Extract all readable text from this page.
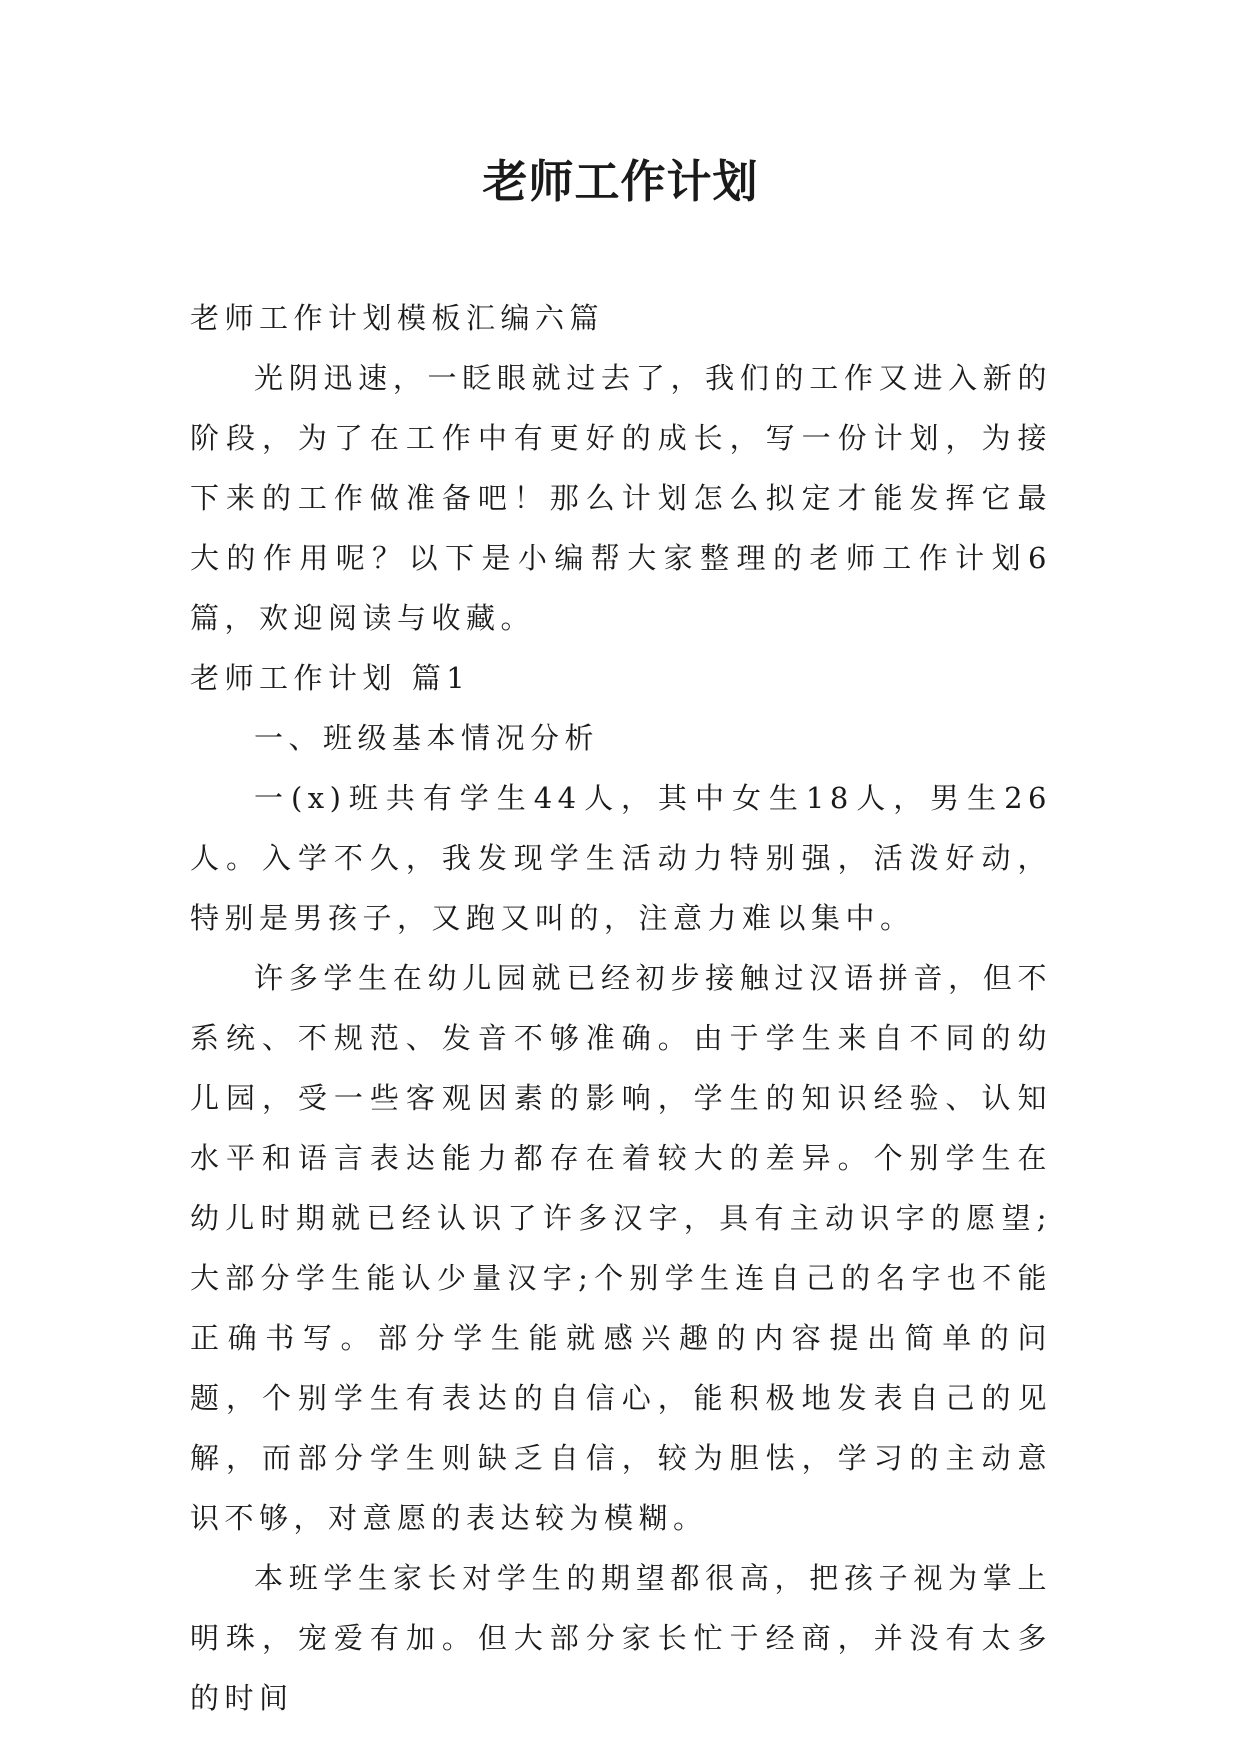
老师工作计划

老师工作计划模板汇编六篇

光阴迅速，一眨眼就过去了，我们的工作又进入新的阶段，为了在工作中有更好的成长，写一份计划，为接下来的工作做准备吧！那么计划怎么拟定才能发挥它最大的作用呢？以下是小编帮大家整理的老师工作计划6篇，欢迎阅读与收藏。

老师工作计划 篇1

一、班级基本情况分析

一(x)班共有学生44人，其中女生18人，男生26人。入学不久，我发现学生活动力特别强，活泼好动，特别是男孩子，又跑又叫的，注意力难以集中。

许多学生在幼儿园就已经初步接触过汉语拼音，但不系统、不规范、发音不够准确。由于学生来自不同的幼儿园，受一些客观因素的影响，学生的知识经验、认知水平和语言表达能力都存在着较大的差异。个别学生在幼儿时期就已经认识了许多汉字，具有主动识字的愿望;大部分学生能认少量汉字;个别学生连自己的名字也不能正确书写。部分学生能就感兴趣的内容提出简单的问题，个别学生有表达的自信心，能积极地发表自己的见解，而部分学生则缺乏自信，较为胆怯，学习的主动意识不够，对意愿的表达较为模糊。

本班学生家长对学生的期望都很高，把孩子视为掌上明珠，宠爱有加。但大部分家长忙于经商，并没有太多的时间
